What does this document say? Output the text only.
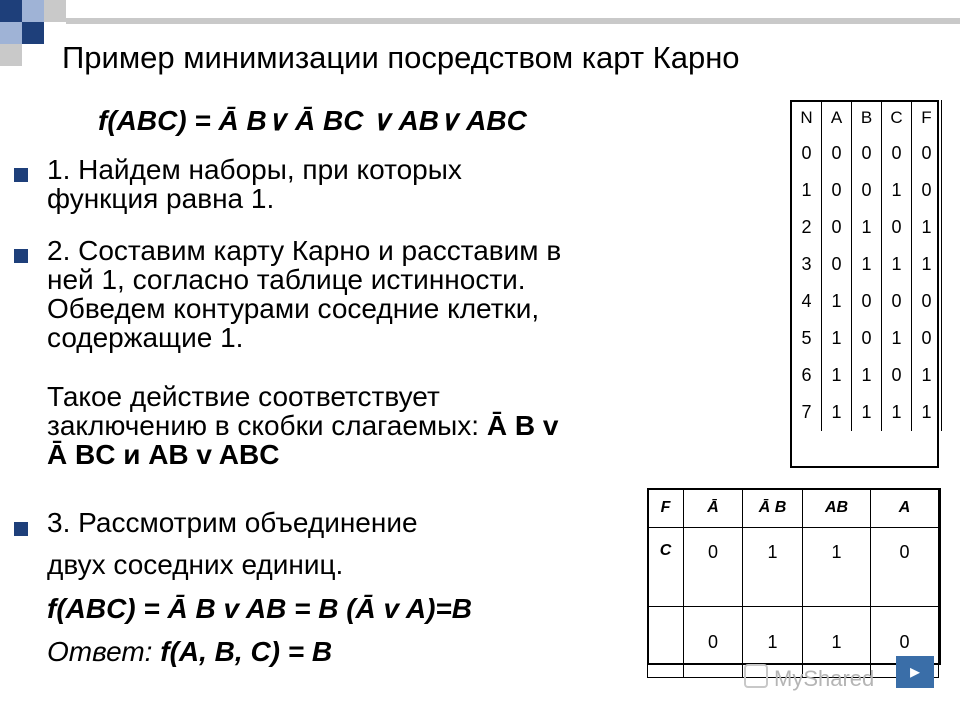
Пример минимизации посредством карт Карно
f(ABC) = Ā B∨ Ā BC ∨ AB∨ ABC
1. Найдем наборы, при которых
функция равна 1.
2. Составим карту Карно и расставим в
ней 1, согласно таблице истинности.
Обведем контурами соседние клетки,
содержащие 1.
Такое действие соответствует
заключению в скобки слагаемых: Ā B v
Ā BC и AB v ABC
3. Рассмотрим объединение
двух соседних единиц.
f(ABC) = Ā B v AB = B (Ā v A)=B
Ответ: f(A, B, C) = B
N	A	B	C	F
0	0	0	0	0
1	0	0	1	0
2	0	1	0	1
3	0	1	1	1
4	1	0	0	0
5	1	0	1	0
6	1	1	0	1
7	1	1	1	1
F	Ā	Ā B	AB	A
C	0	1	1	0
	0	1	1	0
MyShared	▸
